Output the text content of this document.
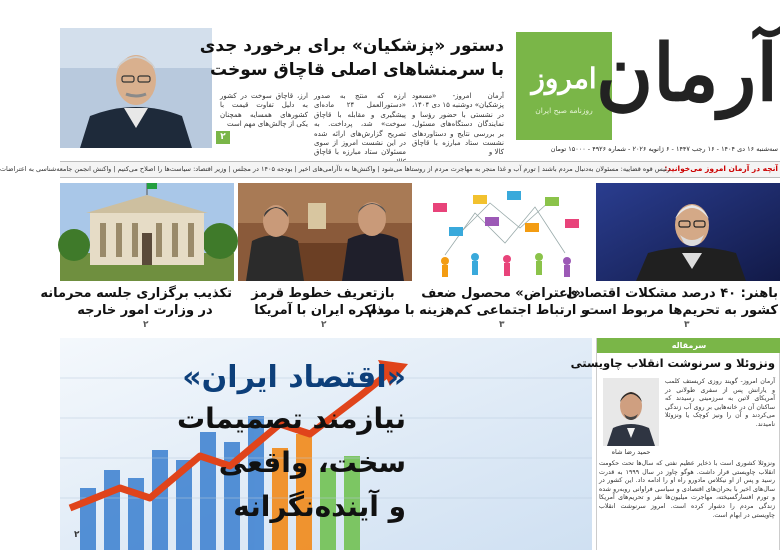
دستور «پزشکیان» برای برخورد جدی
با سرمنشاهای اصلی قاچاق سوخت
آرمان امروز- «مسعود پزشکیان» دوشنبه ۱۵ دی ۱۴۰۴، در نشستی با حضور رؤسا و نمایندگان دستگاه‌های مسئول، بر بررسی نتایج و دستاوردهای نشست ستاد مبارزه با قاچاق کالا و
ارزه که منتج به صدور «دستورالعمل ۲۴ ماده‌ای پیشگیری و مقابله با قاچاق سوخت» شد، پرداخت. به تصریح گزارش‌های ارائه شده در این نشست امروز از سوی مسئولان ستاد مبارزه با قاچاق
ارز، قاچاق سوخت در کشور به دلیل تفاوت قیمت با کشورهای همسایه همچنان یکی از چالش‌های مهم است
۲
امروز
روزنامه صبح ایران آرمان
سه‌شنبه ۱۶ دی ۱۴۰۴ - ۱۶ رجب ۱۴۴۷ - ۶ ژانویه ۲۰۲۶ - شماره ۴۹۲۶ - ۱۵۰۰۰ تومان
آنچه در آرمان امروز می‌خوانید:
رئیس قوه قضاییه: مسئولان به‌دنبال مردم باشند | تورم آب و غذا منجر به مهاجرت مردم از روستاها می‌شود | واکنش‌ها به ناآرامی‌های اخیر | بودجه ۱۴۰۵ در مجلس | وزیر اقتصاد: سیاست‌ها را اصلاح می‌کنیم | واکنش انجمن جامعه‌شناسی به اعتراضات
باهنر: ۴۰ درصد مشکلات اقتصادی
کشور به تحریم‌ها مربوط است
۳
«اعتراض» محصول ضعف
و ارتباط اجتماعی کم‌هزینه با مردم
۳
بازتعریف خطوط قرمز
مذاکره ایران با آمریکا
۲
تکذیب برگزاری جلسه محرمانه
در وزارت امور خارجه
۲
«اقتصاد ایران»
نیازمند تصمیمات
سخت، واقعی
و آینده‌نگرانه
۲
سرمقاله
ونزوئلا و سرنوشت انقلاب چاویستی
حمید رضا شاه
آرمان امروز- گویند روزی کریستف کلمب و یارانش پس از سفری طولانی در آمریکای لاتین به سرزمینی رسیدند که ساکنان آن در خانه‌هایی بر روی آب زندگی می‌کردند و آن را ونیز کوچک یا ونزوئلا نامیدند.
ونزوئلا کشوری است با ذخایر عظیم نفتی که سال‌ها تحت حکومت انقلاب چاویستی قرار داشت. هوگو چاوز در سال ۱۹۹۹ به قدرت رسید و پس از او نیکلاس مادورو راه او را ادامه داد. این کشور در سال‌های اخیر با بحران‌های اقتصادی و سیاسی فراوانی روبه‌رو شده و تورم افسارگسیخته، مهاجرت میلیون‌ها نفر و تحریم‌های آمریکا زندگی مردم را دشوار کرده است. امروز سرنوشت انقلاب چاویستی در ابهام است.
